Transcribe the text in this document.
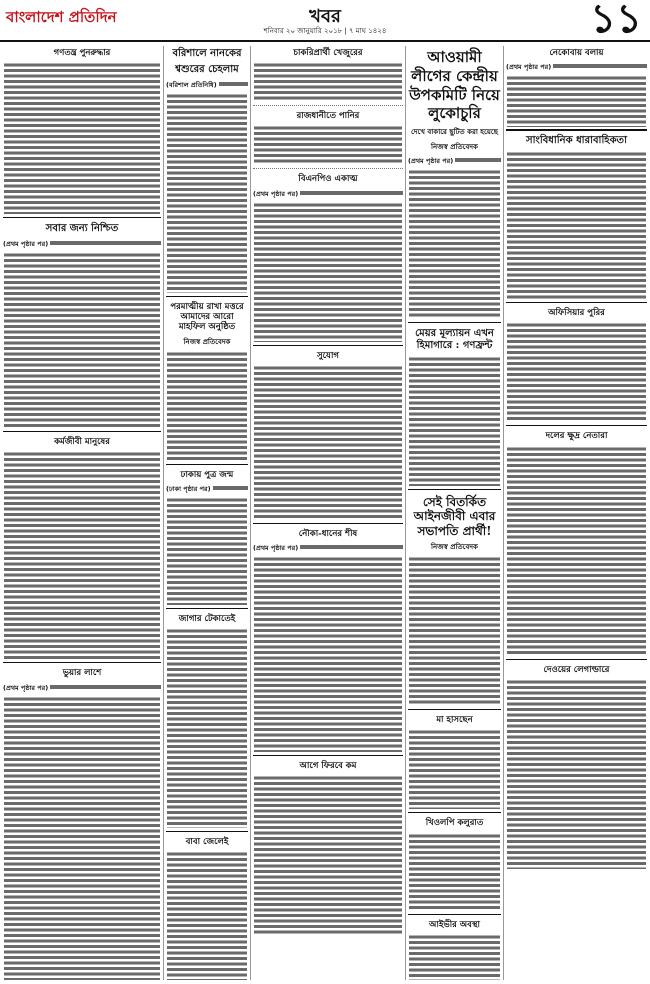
বাংলাদেশ প্রতিদিন	খবর
শনিবার ২০ জানুয়ারি ২০১৮ | ৭ মাঘ ১৪২৪	১১
গণতন্ত্র পুনরুদ্ধার
সবার জন্য নিশ্চিত
(প্রথম পৃষ্ঠার পর)
কর্মজীবী মানুষের
ভুয়ার লাশে
(প্রথম পৃষ্ঠার পর)
বরিশালে নানকের
শ্বশুরের চেহলাম
(বরিশাল প্রতিনিধি)
পরমাত্মীয় রাখা মত্তরে আমাদের আরো মাহফিল অনুষ্ঠিত
নিজস্ব প্রতিবেদক
ঢাকায় পুত্র জন্ম
(ঢাকা পৃষ্ঠার পর)
জাগার টেকাতেই
বাবা জেলেই
চাকরিপ্রার্থী খেজুরের
রাজধানীতে পানির
বিএনপিও একাত্ম
(প্রথম পৃষ্ঠার পর)
সুযোগ
নৌকা-ধানের শীষ
(প্রথম পৃষ্ঠার পর)
আগে ফিরবে কম
আওয়ামী লীগের কেন্দ্রীয় উপকমিটি নিয়ে লুকোচুরি
দেখে বাকারে ছুটিত করা হয়েছে
নিজস্ব প্রতিবেদক
(প্রথম পৃষ্ঠার পর)
মেয়র মূল্যায়ন এখন হিমাগারে : গণফ্রন্ট
সেই বিতর্কিত আইনজীবী এবার সভাপতি প্রার্থী!
নিজস্ব প্রতিবেদক
মা হাসছেন
খিওলপি কলুরাত
আইভীর অবস্থা
নেকোবায় বলায়
(প্রথম পৃষ্ঠার পর)
সাংবিধানিক ধারাবাহিকতা
অফিসিয়ার পুরির
দলের ক্ষুদ্র নেতারা
দেওয়ের লেগাল্ডারে
